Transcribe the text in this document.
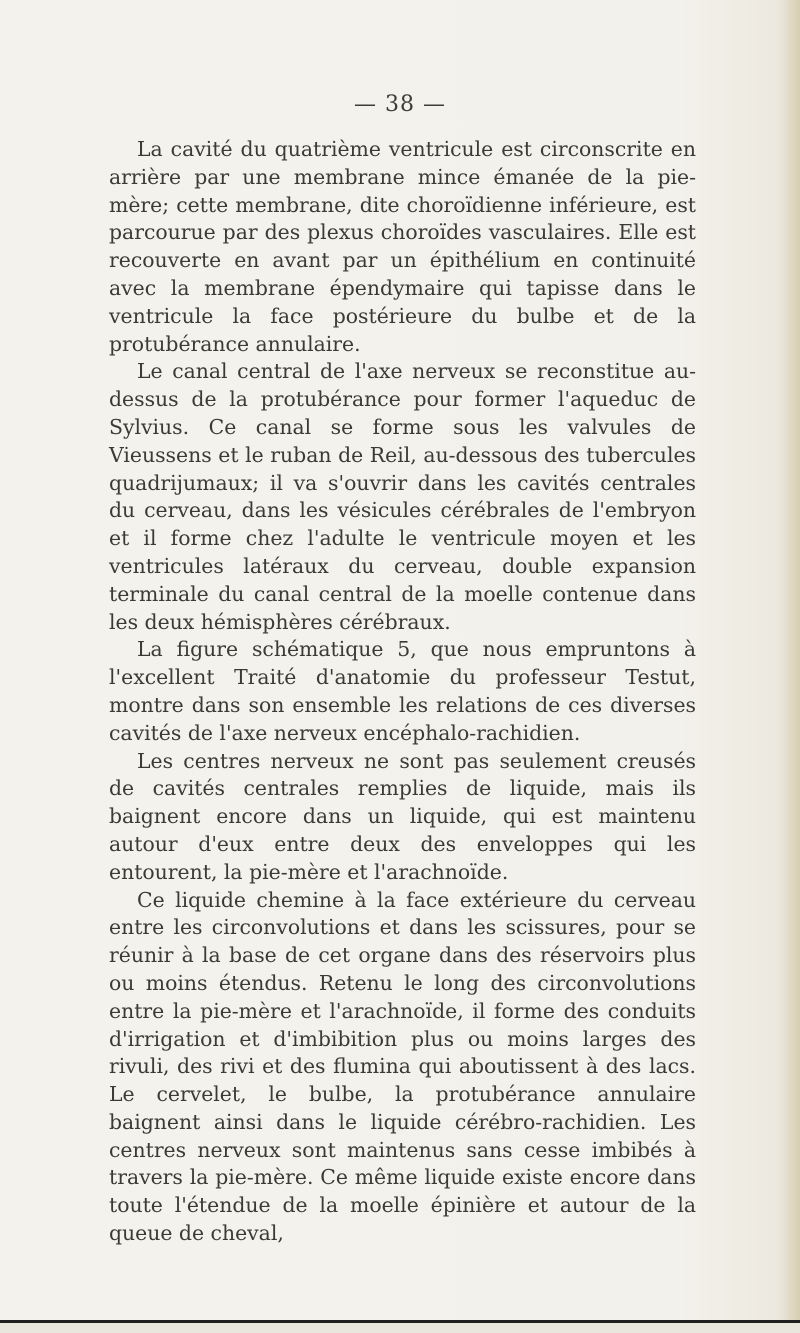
— 38 —

La cavité du quatrième ventricule est circonscrite en arrière par une membrane mince émanée de la pie-mère; cette membrane, dite choroïdienne inférieure, est parcourue par des plexus choroïdes vasculaires. Elle est recouverte en avant par un épithélium en continuité avec la membrane épendymaire qui tapisse dans le ventricule la face postérieure du bulbe et de la protubérance annulaire.

Le canal central de l'axe nerveux se reconstitue au-dessus de la protubérance pour former l'aqueduc de Sylvius. Ce canal se forme sous les valvules de Vieussens et le ruban de Reil, au-dessous des tubercules quadrijumaux; il va s'ouvrir dans les cavités centrales du cerveau, dans les vésicules cérébrales de l'embryon et il forme chez l'adulte le ventricule moyen et les ventricules latéraux du cerveau, double expansion terminale du canal central de la moelle contenue dans les deux hémisphères cérébraux.

La figure schématique 5, que nous empruntons à l'excellent Traité d'anatomie du professeur Testut, montre dans son ensemble les relations de ces diverses cavités de l'axe nerveux encéphalo-rachidien.

Les centres nerveux ne sont pas seulement creusés de cavités centrales remplies de liquide, mais ils baignent encore dans un liquide, qui est maintenu autour d'eux entre deux des enveloppes qui les entourent, la pie-mère et l'arachnoïde.

Ce liquide chemine à la face extérieure du cerveau entre les circonvolutions et dans les scissures, pour se réunir à la base de cet organe dans des réservoirs plus ou moins étendus. Retenu le long des circonvolutions entre la pie-mère et l'arachnoïde, il forme des conduits d'irrigation et d'imbibition plus ou moins larges des rivuli, des rivi et des flumina qui aboutissent à des lacs. Le cervelet, le bulbe, la protubérance annulaire baignent ainsi dans le liquide cérébro-rachidien. Les centres nerveux sont maintenus sans cesse imbibés à travers la pie-mère. Ce même liquide existe encore dans toute l'étendue de la moelle épinière et autour de la queue de cheval,
